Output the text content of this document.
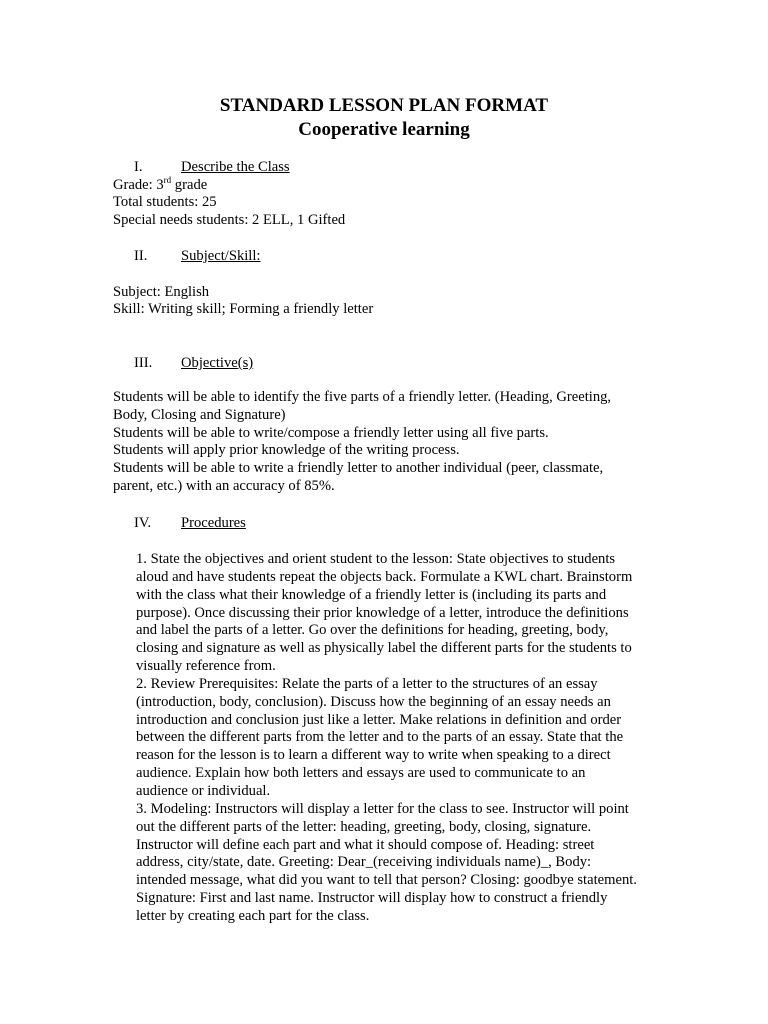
STANDARD LESSON PLAN FORMAT
Cooperative learning
I.	Describe the Class

Grade: 3rd grade

Total students: 25

Special needs students: 2 ELL, 1 Gifted

II. Subject/Skill:

Subject: English

Skill: Writing skill; Forming a friendly letter

III. Objective(s)
Students will be able to identify the five parts of a friendly letter. (Heading, Greeting,
Body, Closing and Signature)
Students will be able to write/compose a friendly letter using all five parts.
Students will apply prior knowledge of the writing process.
Students will be able to write a friendly letter to another individual (peer, classmate,
parent, etc.) with an accuracy of 85%.
IV. Procedures
1. State the objectives and orient student to the lesson: State objectives to students
aloud and have students repeat the objects back. Formulate a KWL chart. Brainstorm
with the class what their knowledge of a friendly letter is (including its parts and
purpose). Once discussing their prior knowledge of a letter, introduce the definitions
and label the parts of a letter. Go over the definitions for heading, greeting, body,
closing and signature as well as physically label the different parts for the students to
visually reference from.
2. Review Prerequisites: Relate the parts of a letter to the structures of an essay
(introduction, body, conclusion). Discuss how the beginning of an essay needs an
introduction and conclusion just like a letter. Make relations in definition and order
between the different parts from the letter and to the parts of an essay. State that the
reason for the lesson is to learn a different way to write when speaking to a direct
audience. Explain how both letters and essays are used to communicate to an
audience or individual.
3. Modeling: Instructors will display a letter for the class to see. Instructor will point
out the different parts of the letter: heading, greeting, body, closing, signature.
Instructor will define each part and what it should compose of. Heading: street
address, city/state, date. Greeting: Dear_(receiving individuals name)_, Body:
intended message, what did you want to tell that person? Closing: goodbye statement.
Signature: First and last name. Instructor will display how to construct a friendly
letter by creating each part for the class.
